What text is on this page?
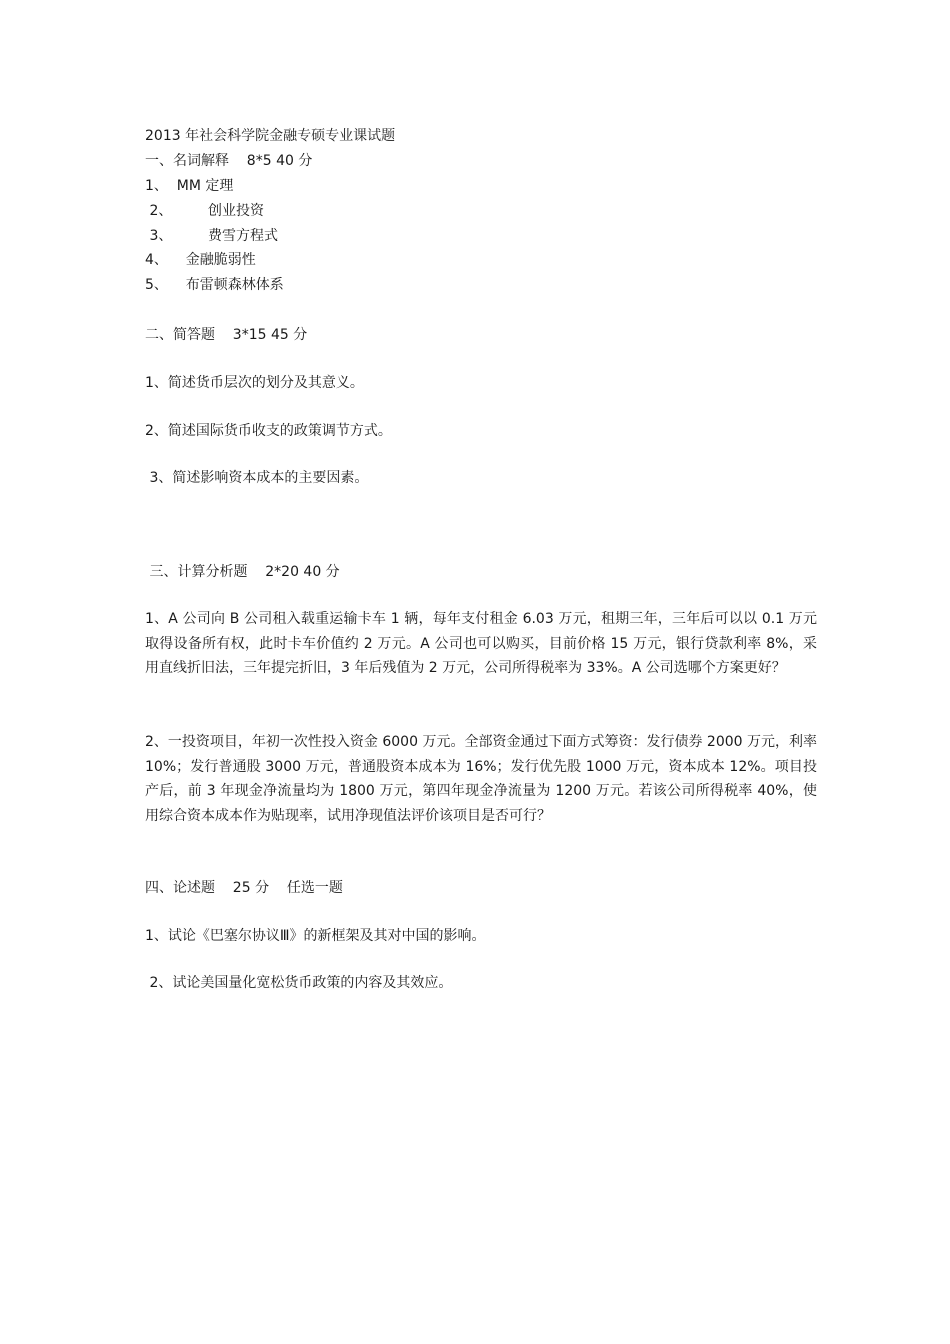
2013 年社会科学院金融专硕专业课试题
一、名词解释    8*5 40 分
1、  MM 定理
2、        创业投资
3、        费雪方程式
4、    金融脆弱性
5、    布雷顿森林体系
二、简答题    3*15 45 分
1、简述货币层次的划分及其意义。
2、简述国际货币收支的政策调节方式。
3、简述影响资本成本的主要因素。
三、计算分析题    2*20 40 分
1、A 公司向 B 公司租入载重运输卡车 1 辆，每年支付租金 6.03 万元，租期三年，三年后可以以 0.1 万元取得设备所有权，此时卡车价值约 2 万元。A 公司也可以购买，目前价格 15 万元，银行贷款利率 8%，采用直线折旧法，三年提完折旧，3 年后残值为 2 万元，公司所得税率为 33%。A 公司选哪个方案更好？
2、一投资项目，年初一次性投入资金 6000 万元。全部资金通过下面方式筹资：发行债券 2000 万元，利率 10%；发行普通股 3000 万元，普通股资本成本为 16%；发行优先股 1000 万元，资本成本 12%。项目投产后，前 3 年现金净流量均为 1800 万元，第四年现金净流量为 1200 万元。若该公司所得税率 40%，使用综合资本成本作为贴现率，试用净现值法评价该项目是否可行？
四、论述题    25 分    任选一题
1、试论《巴塞尔协议Ⅲ》的新框架及其对中国的影响。
2、试论美国量化宽松货币政策的内容及其效应。
